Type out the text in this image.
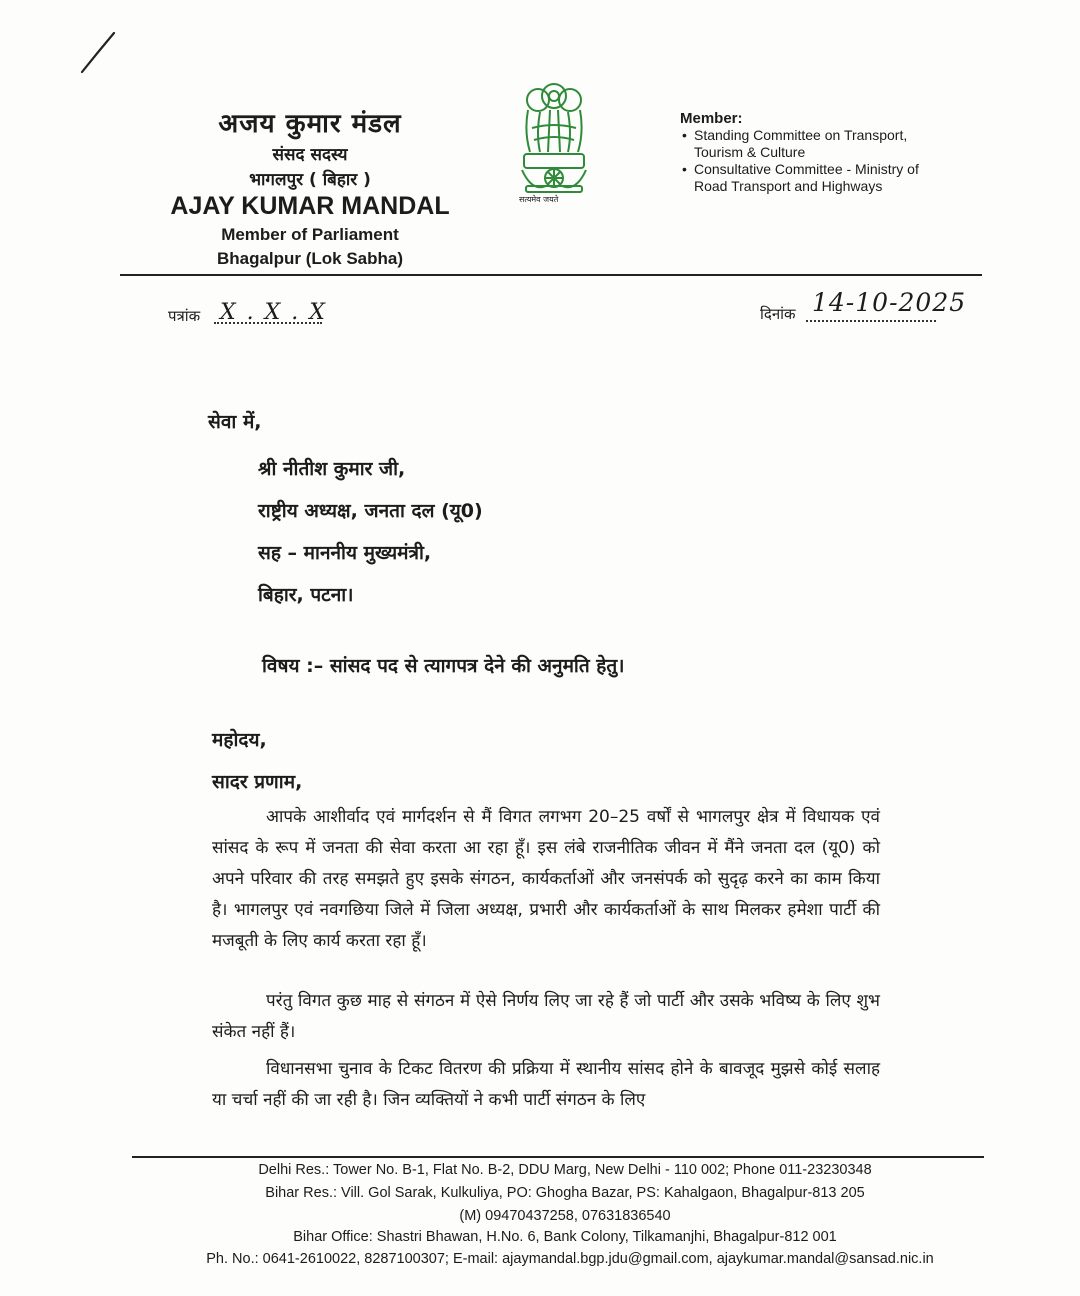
अजय कुमार मंडल
संसद सदस्य
भागलपुर ( बिहार )
AJAY KUMAR MANDAL
Member of Parliament
Bhagalpur (Lok Sabha)
सत्यमेव जयते
Member:
• Standing Committee on Transport, Tourism & Culture
• Consultative Committee - Ministry of Road Transport and Highways
पत्रांक X . X . X	दिनांक 14-10-2025
सेवा में,
श्री नीतीश कुमार जी,
राष्ट्रीय अध्यक्ष, जनता दल (यू0)
सह – माननीय मुख्यमंत्री,
बिहार, पटना।
विषय :– सांसद पद से त्यागपत्र देने की अनुमति हेतु।
महोदय,
सादर प्रणाम,
आपके आशीर्वाद एवं मार्गदर्शन से मैं विगत लगभग 20–25 वर्षों से भागलपुर क्षेत्र में विधायक एवं सांसद के रूप में जनता की सेवा करता आ रहा हूँ। इस लंबे राजनीतिक जीवन में मैंने जनता दल (यू0) को अपने परिवार की तरह समझते हुए इसके संगठन, कार्यकर्ताओं और जनसंपर्क को सुदृढ़ करने का काम किया है। भागलपुर एवं नवगछिया जिले में जिला अध्यक्ष, प्रभारी और कार्यकर्ताओं के साथ मिलकर हमेशा पार्टी की मजबूती के लिए कार्य करता रहा हूँ।
परंतु विगत कुछ माह से संगठन में ऐसे निर्णय लिए जा रहे हैं जो पार्टी और उसके भविष्य के लिए शुभ संकेत नहीं हैं।
विधानसभा चुनाव के टिकट वितरण की प्रक्रिया में स्थानीय सांसद होने के बावजूद मुझसे कोई सलाह या चर्चा नहीं की जा रही है। जिन व्यक्तियों ने कभी पार्टी संगठन के लिए
Delhi Res.: Tower No. B-1, Flat No. B-2, DDU Marg, New Delhi - 110 002; Phone 011-23230348
Bihar Res.: Vill. Gol Sarak, Kulkuliya, PO: Ghogha Bazar, PS: Kahalgaon, Bhagalpur-813 205
(M) 09470437258, 07631836540
Bihar Office: Shastri Bhawan, H.No. 6, Bank Colony, Tilkamanjhi, Bhagalpur-812 001
Ph. No.: 0641-2610022, 8287100307; E-mail: ajaymandal.bgp.jdu@gmail.com, ajaykumar.mandal@sansad.nic.in
